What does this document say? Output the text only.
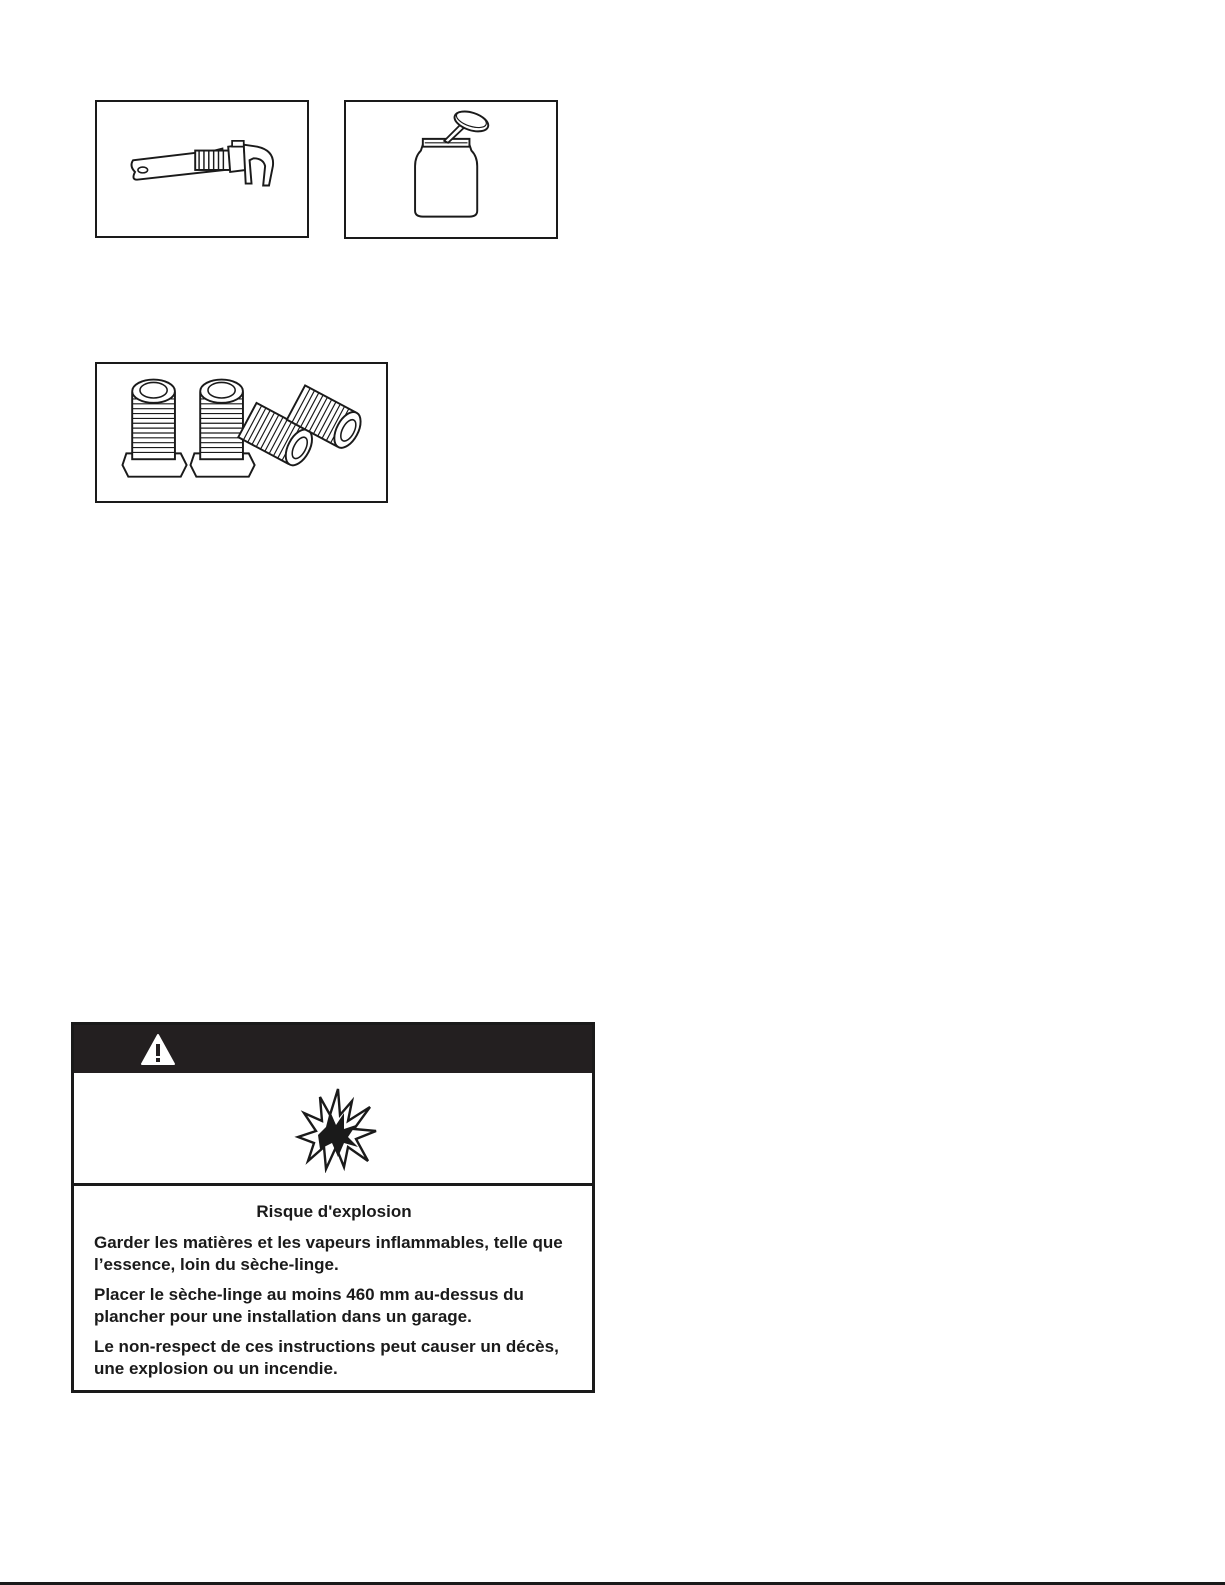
Risque d'explosion

Garder les matières et les vapeurs inflammables, telle que l’essence, loin du sèche-linge.

Placer le sèche-linge au moins 460 mm au-dessus du plancher pour une installation dans un garage.

Le non-respect de ces instructions peut causer un décès, une explosion ou un incendie.
